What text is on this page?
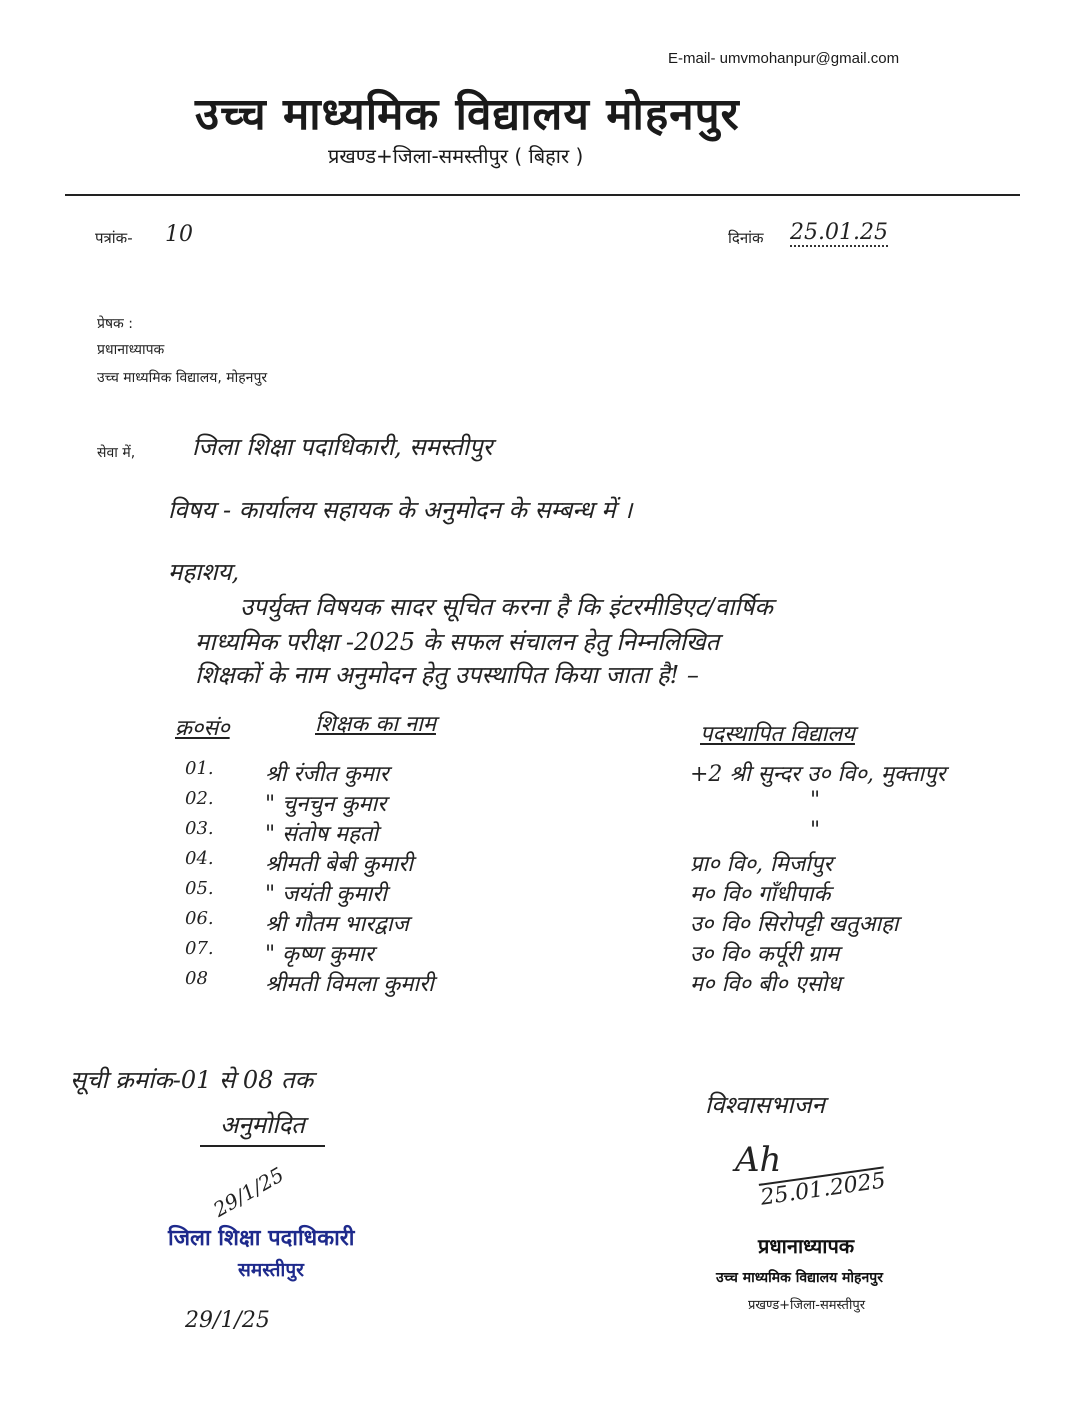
E-mail- umvmohanpur@gmail.com
उच्च माध्यमिक विद्यालय मोहनपुर
प्रखण्ड+जिला-समस्तीपुर ( बिहार )
पत्रांक- 10	दिनांक 25.01.25
प्रेषक :
प्रधानाध्यापक
उच्च माध्यमिक विद्यालय, मोहनपुर
सेवा में, जिला शिक्षा पदाधिकारी, समस्तीपुर
विषय - कार्यालय सहायक के अनुमोदन के सम्बन्ध में ।
महाशय,
उपर्युक्त विषयक सादर सूचित करना है कि इंटरमीडिएट/वार्षिक
माध्यमिक परीक्षा -2025 के सफल संचालन हेतु निम्नलिखित
शिक्षकों के नाम अनुमोदन हेतु उपस्थापित किया जाता है! –
क्र०सं०	शिक्षक का नाम	पदस्थापित विद्यालय
01. श्री रंजीत कुमार	+2 श्री सुन्दर उ० वि०, मुक्तापुर
02. " चुनचुन कुमार	"
03. " संतोष महतो	"
04. श्रीमती बेबी कुमारी	प्रा० वि०, मिर्जापुर
05. " जयंती कुमारी	म० वि० गाँधीपार्क
06. श्री गौतम भारद्वाज	उ० वि० सिरोपट्टी खतुआहा
07. " कृष्ण कुमार	उ० वि० कर्पूरी ग्राम
08	श्रीमती विमला कुमारी	म० वि० बी० एसोध
सूची क्रमांक-01 से 08 तक
अनुमोदित
29/1/25
जिला शिक्षा पदाधिकारी
समस्तीपुर
29/1/25
विश्वासभाजन
Ah
25.01.2025
प्रधानाध्यापक
उच्च माध्यमिक विद्यालय मोहनपुर
प्रखण्ड+जिला-समस्तीपुर
